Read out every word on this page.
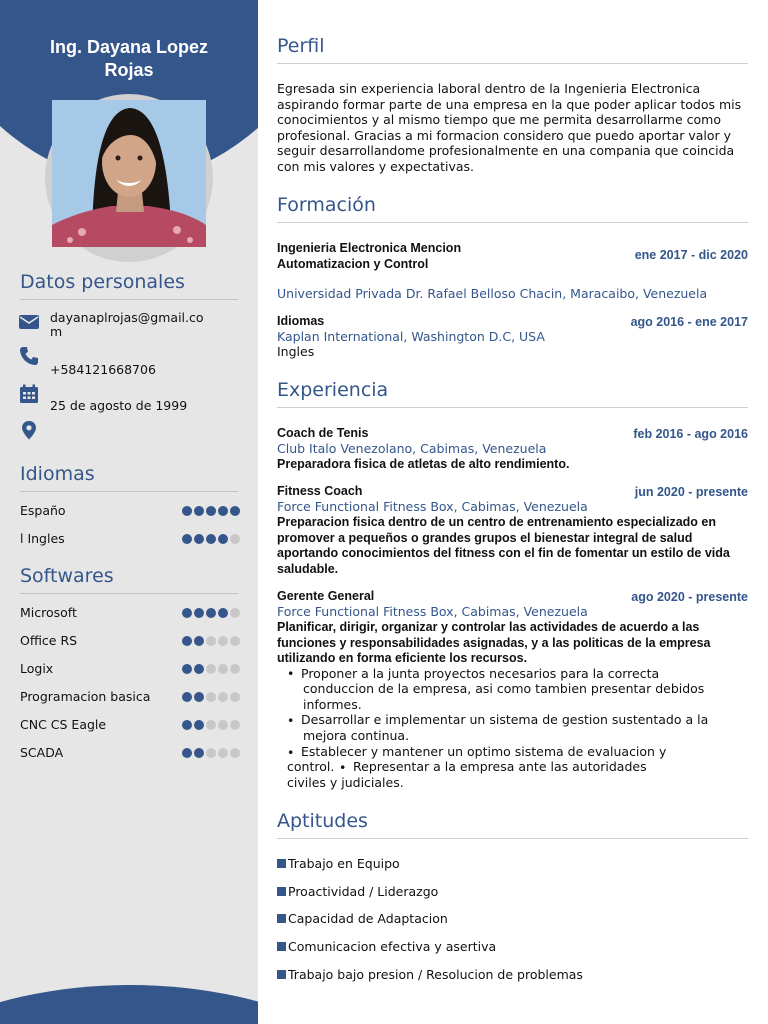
Ing. Dayana Lopez
Rojas
Datos personales
dayanaplrojas@gmail.com
+584121668706
25 de agosto de 1999
Idiomas
Españo
l Ingles
Softwares
Microsoft
Office RS
Logix
Programacion basica
CNC CS Eagle
SCADA
Perfil
Egresada sin experiencia laboral dentro de la Ingenieria Electronica aspirando formar parte de una empresa en la que poder aplicar todos mis conocimientos y al mismo tiempo que me permita desarrollarme como profesional. Gracias a mi formacion considero que puedo aportar valor y seguir desarrollandome profesionalmente en una compania que coincida con mis valores y expectativas.
Formación
Ingenieria Electronica Mencion Automatizacion y Control
ene 2017 - dic 2020
Universidad Privada Dr. Rafael Belloso Chacin, Maracaibo, Venezuela
Idiomas	ago 2016 - ene 2017
Kaplan International, Washington D.C, USA
Ingles
Experiencia
Coach de Tenis	feb 2016 - ago 2016
Club Italo Venezolano, Cabimas, Venezuela
Preparadora fisica de atletas de alto rendimiento.
Fitness Coach	jun 2020 - presente
Force Functional Fitness Box, Cabimas, Venezuela
Preparacion fisica dentro de un centro de entrenamiento especializado en promover a pequeños o grandes grupos el bienestar integral de salud aportando conocimientos del fitness con el fin de fomentar un estilo de vida saludable.
Gerente General	ago 2020 - presente
Force Functional Fitness Box, Cabimas, Venezuela
Planificar, dirigir, organizar y controlar las actividades de acuerdo a las funciones y responsabilidades asignadas, y a las politicas de la empresa utilizando en forma eficiente los recursos.
• Proponer a la junta proyectos necesarios para la correcta
conduccion de la empresa, asi como tambien presentar debidos
informes.
• Desarrollar e implementar un sistema de gestion sustentado a la
mejora continua.
• Establecer y mantener un optimo sistema de evaluacion y
control. • Representar a la empresa ante las autoridades
civiles y judiciales.
Aptitudes
Trabajo en Equipo
Proactividad / Liderazgo
Capacidad de Adaptacion
Comunicacion efectiva y asertiva
Trabajo bajo presion / Resolucion de problemas
